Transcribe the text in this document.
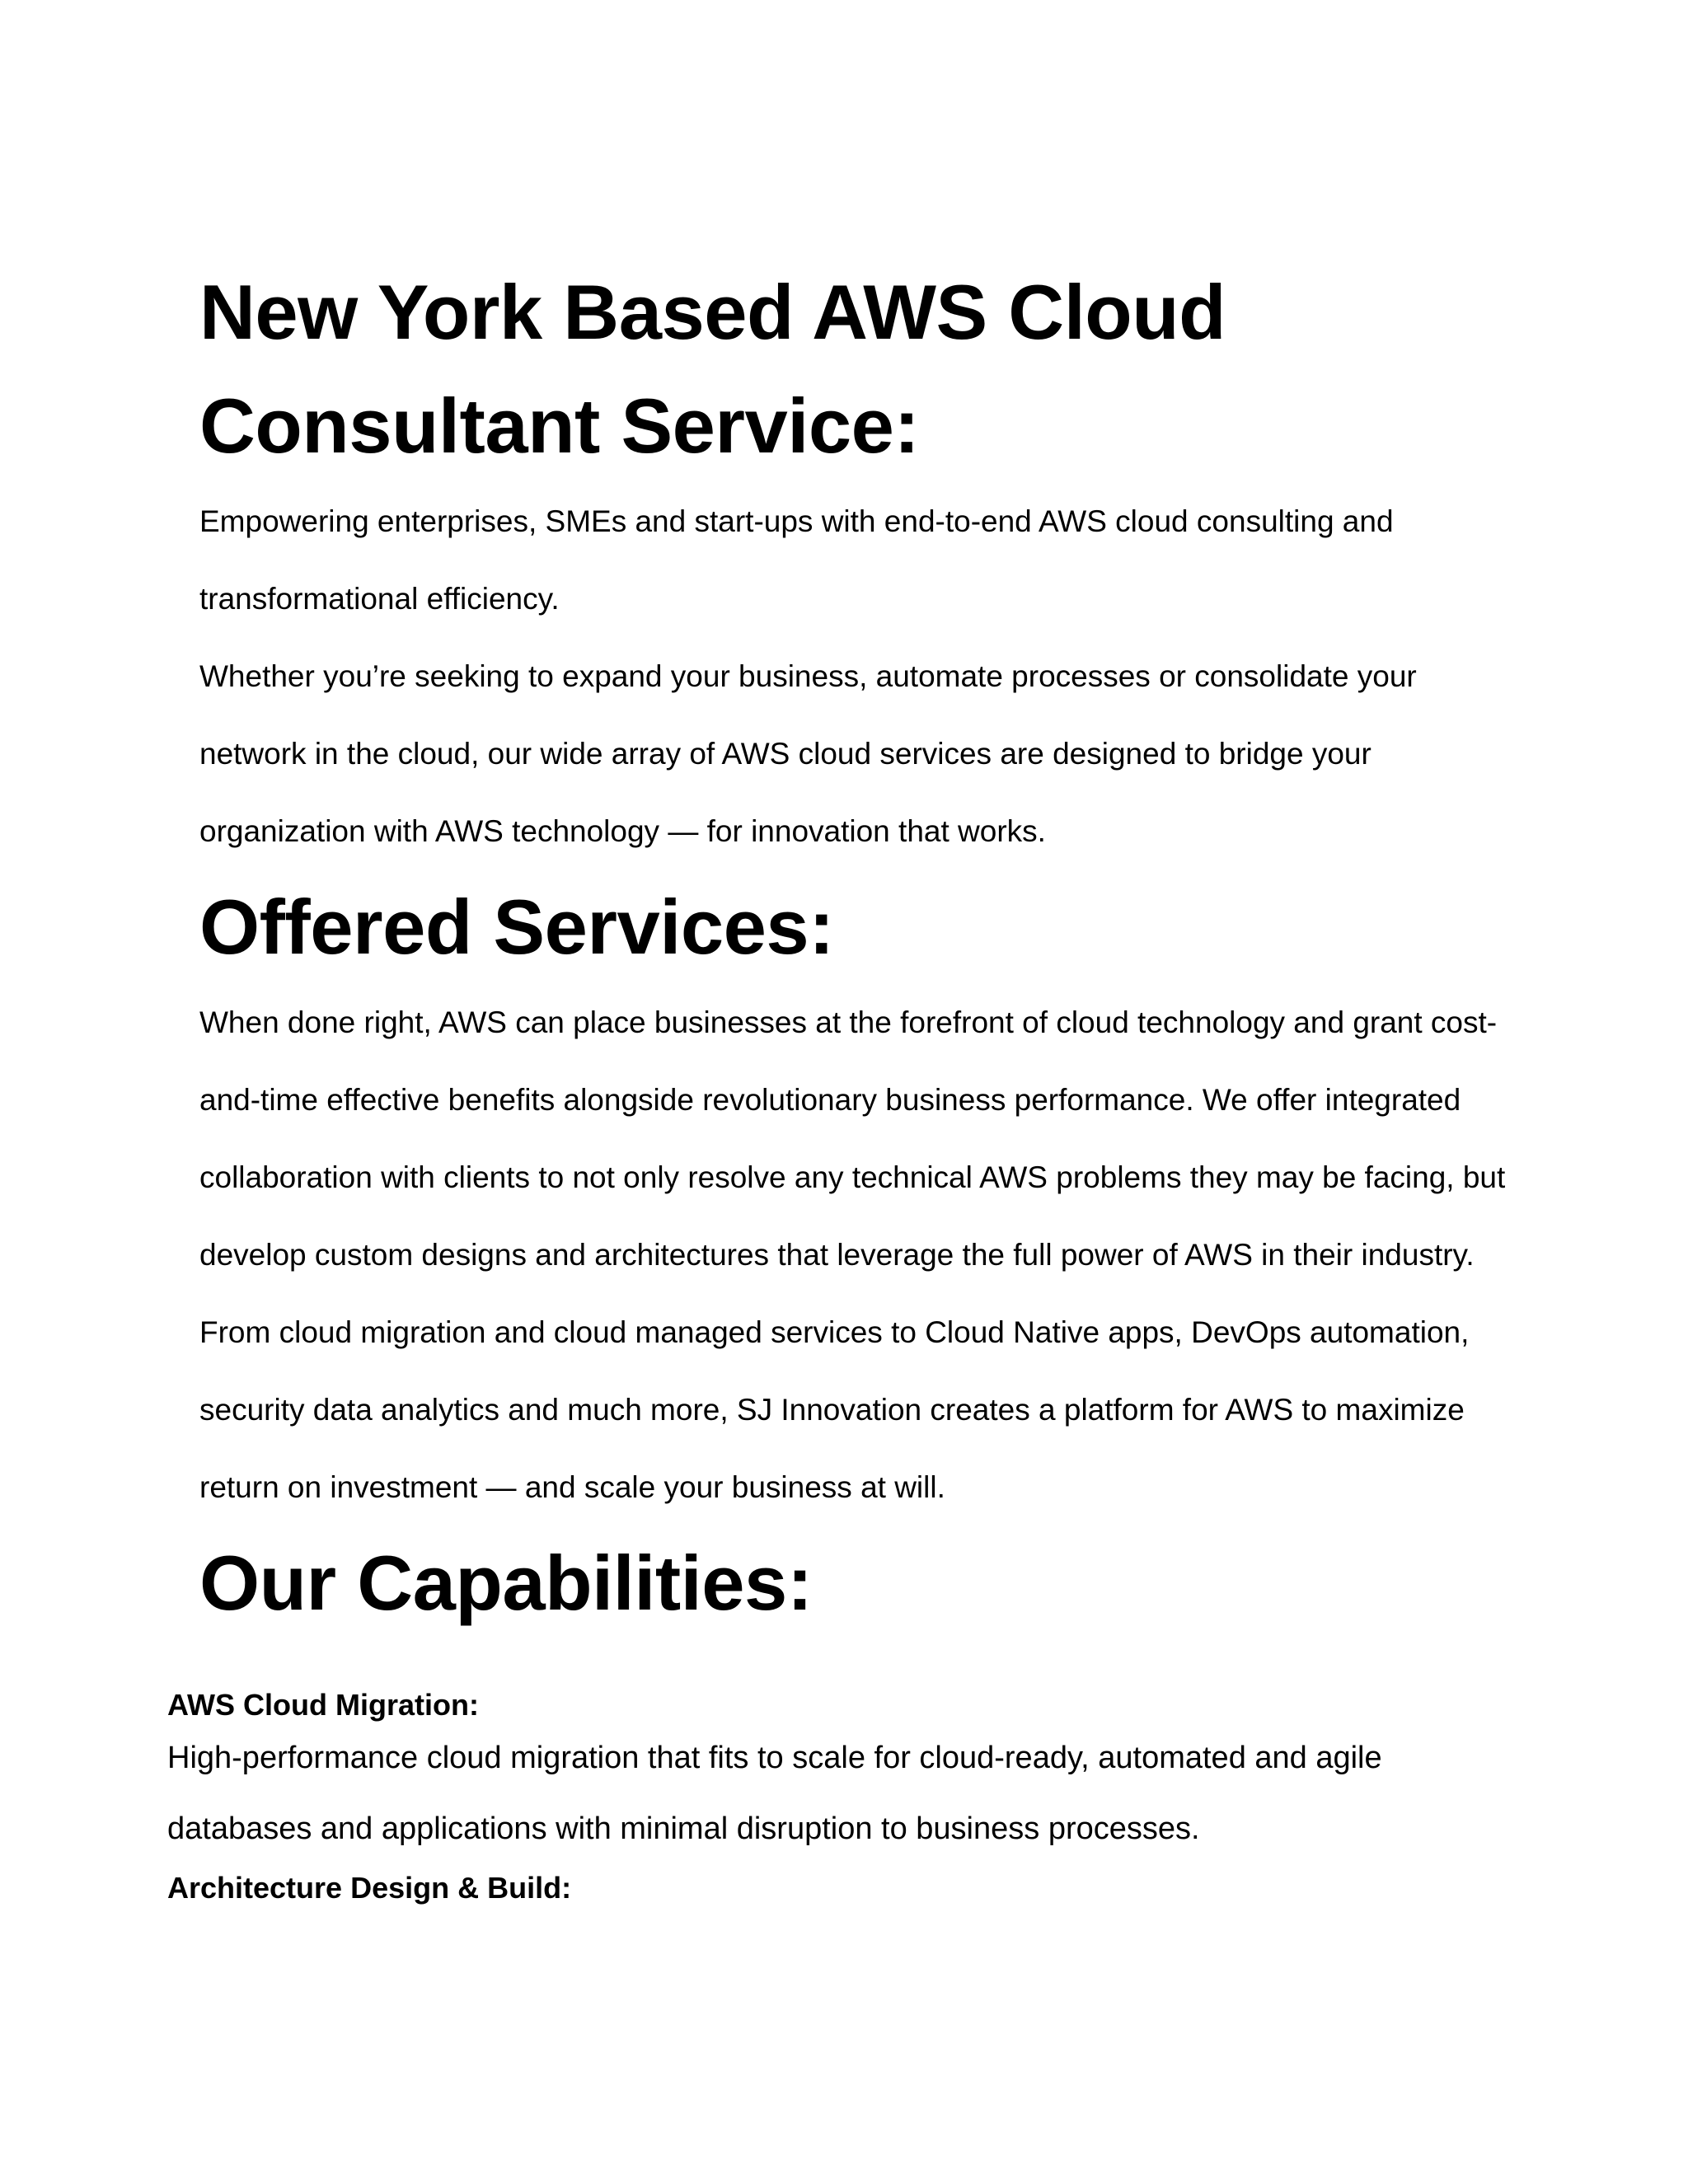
New York Based AWS Cloud Consultant Service:

Empowering enterprises, SMEs and start-ups with end-to-end AWS cloud consulting and transformational efficiency.

Whether you’re seeking to expand your business, automate processes or consolidate your network in the cloud, our wide array of AWS cloud services are designed to bridge your organization with AWS technology — for innovation that works.

Offered Services:

When done right, AWS can place businesses at the forefront of cloud technology and grant cost-and-time effective benefits alongside revolutionary business performance. We offer integrated collaboration with clients to not only resolve any technical AWS problems they may be facing, but develop custom designs and architectures that leverage the full power of AWS in their industry. From cloud migration and cloud managed services to Cloud Native apps, DevOps automation, security data analytics and much more, SJ Innovation creates a platform for AWS to maximize return on investment — and scale your business at will.

Our Capabilities:

AWS Cloud Migration:

High-performance cloud migration that fits to scale for cloud-ready, automated and agile databases and applications with minimal disruption to business processes.

Architecture Design & Build:
